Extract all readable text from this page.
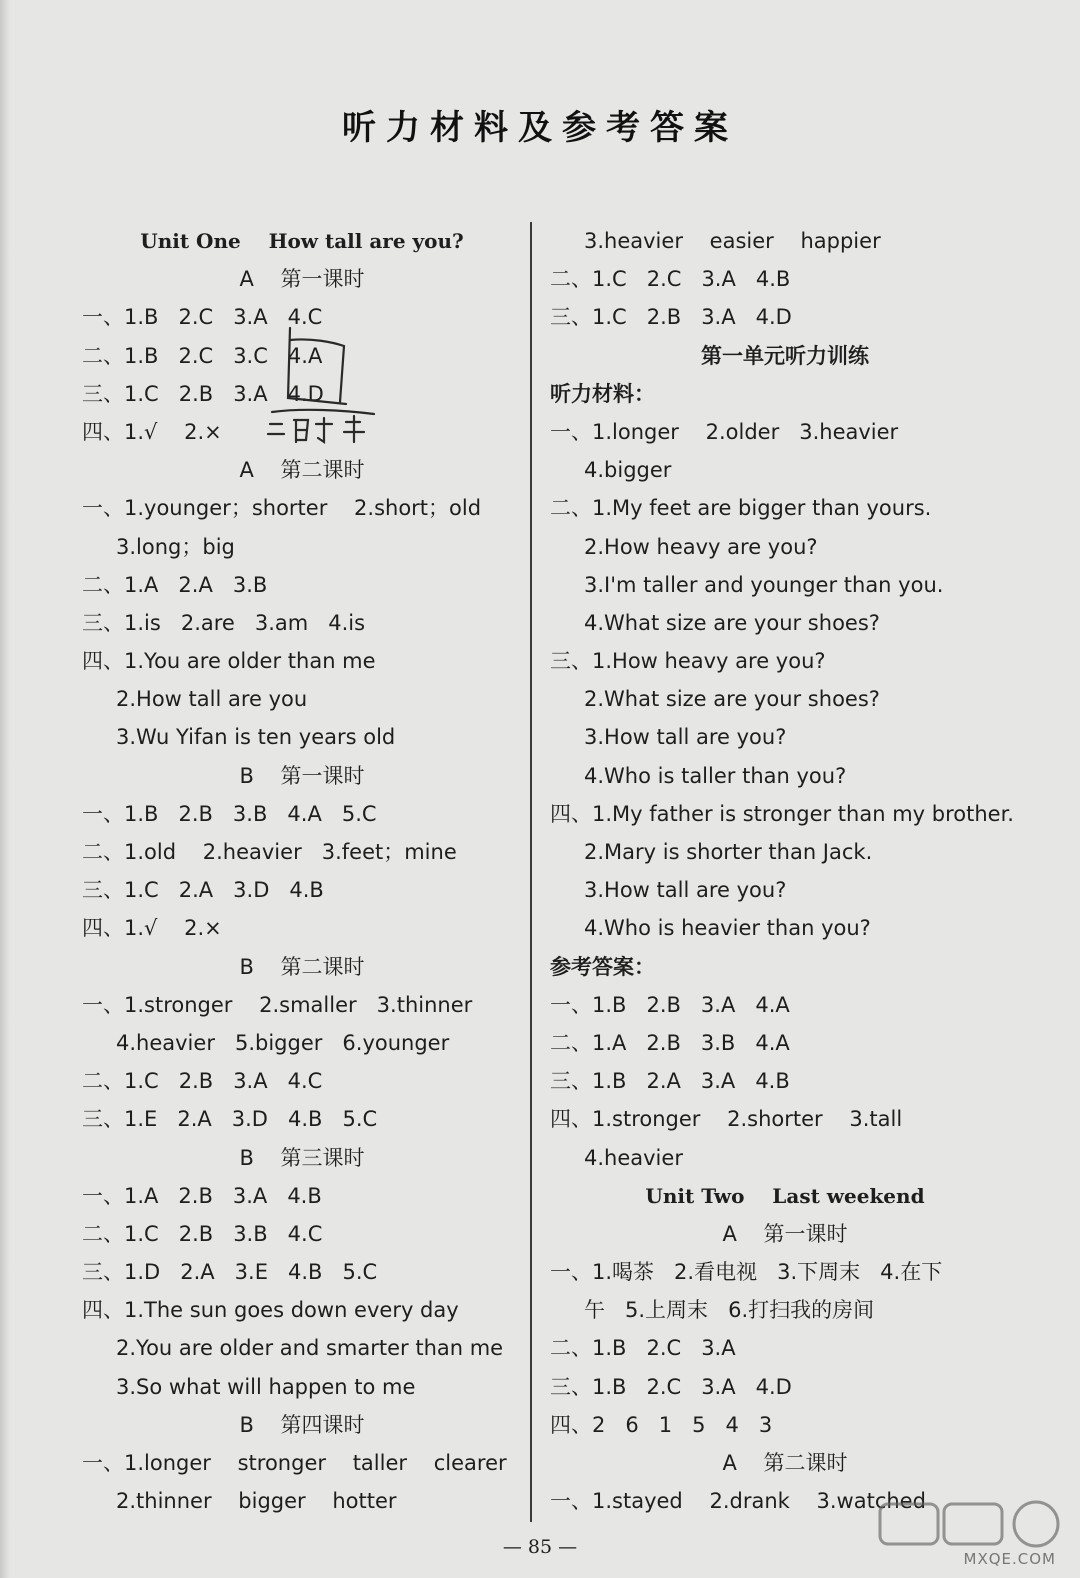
听力材料及参考答案
Unit One    How tall are you?
A    第一课时
一、1.B   2.C   3.A   4.C
二、1.B   2.C   3.C   4.A
三、1.C   2.B   3.A   4.D
四、1.√    2.×
A    第二课时
一、1.younger；shorter    2.short；old
3.long；big
二、1.A   2.A   3.B
三、1.is   2.are   3.am   4.is
四、1.You are older than me
2.How tall are you
3.Wu Yifan is ten years old
B    第一课时
一、1.B   2.B   3.B   4.A   5.C
二、1.old    2.heavier   3.feet；mine
三、1.C   2.A   3.D   4.B
四、1.√    2.×
B    第二课时
一、1.stronger    2.smaller   3.thinner
4.heavier   5.bigger   6.younger
二、1.C   2.B   3.A   4.C
三、1.E   2.A   3.D   4.B   5.C
B    第三课时
一、1.A   2.B   3.A   4.B
二、1.C   2.B   3.B   4.C
三、1.D   2.A   3.E   4.B   5.C
四、1.The sun goes down every day
2.You are older and smarter than me
3.So what will happen to me
B    第四课时
一、1.longer    stronger    taller    clearer
2.thinner    bigger    hotter
3.heavier    easier    happier
二、1.C   2.C   3.A   4.B
三、1.C   2.B   3.A   4.D
第一单元听力训练
听力材料：
一、1.longer    2.older   3.heavier
4.bigger
二、1.My feet are bigger than yours.
2.How heavy are you?
3.I'm taller and younger than you.
4.What size are your shoes?
三、1.How heavy are you?
2.What size are your shoes?
3.How tall are you?
4.Who is taller than you?
四、1.My father is stronger than my brother.
2.Mary is shorter than Jack.
3.How tall are you?
4.Who is heavier than you?
参考答案：
一、1.B   2.B   3.A   4.A
二、1.A   2.B   3.B   4.A
三、1.B   2.A   3.A   4.B
四、1.stronger    2.shorter    3.tall
4.heavier
Unit Two    Last weekend
A    第一课时
一、1.喝茶   2.看电视   3.下周末   4.在下
午   5.上周末   6.打扫我的房间
二、1.B   2.C   3.A
三、1.B   2.C   3.A   4.D
四、2   6   1   5   4   3
A    第二课时
一、1.stayed    2.drank    3.watched
MXQE.COM
— 85 —
